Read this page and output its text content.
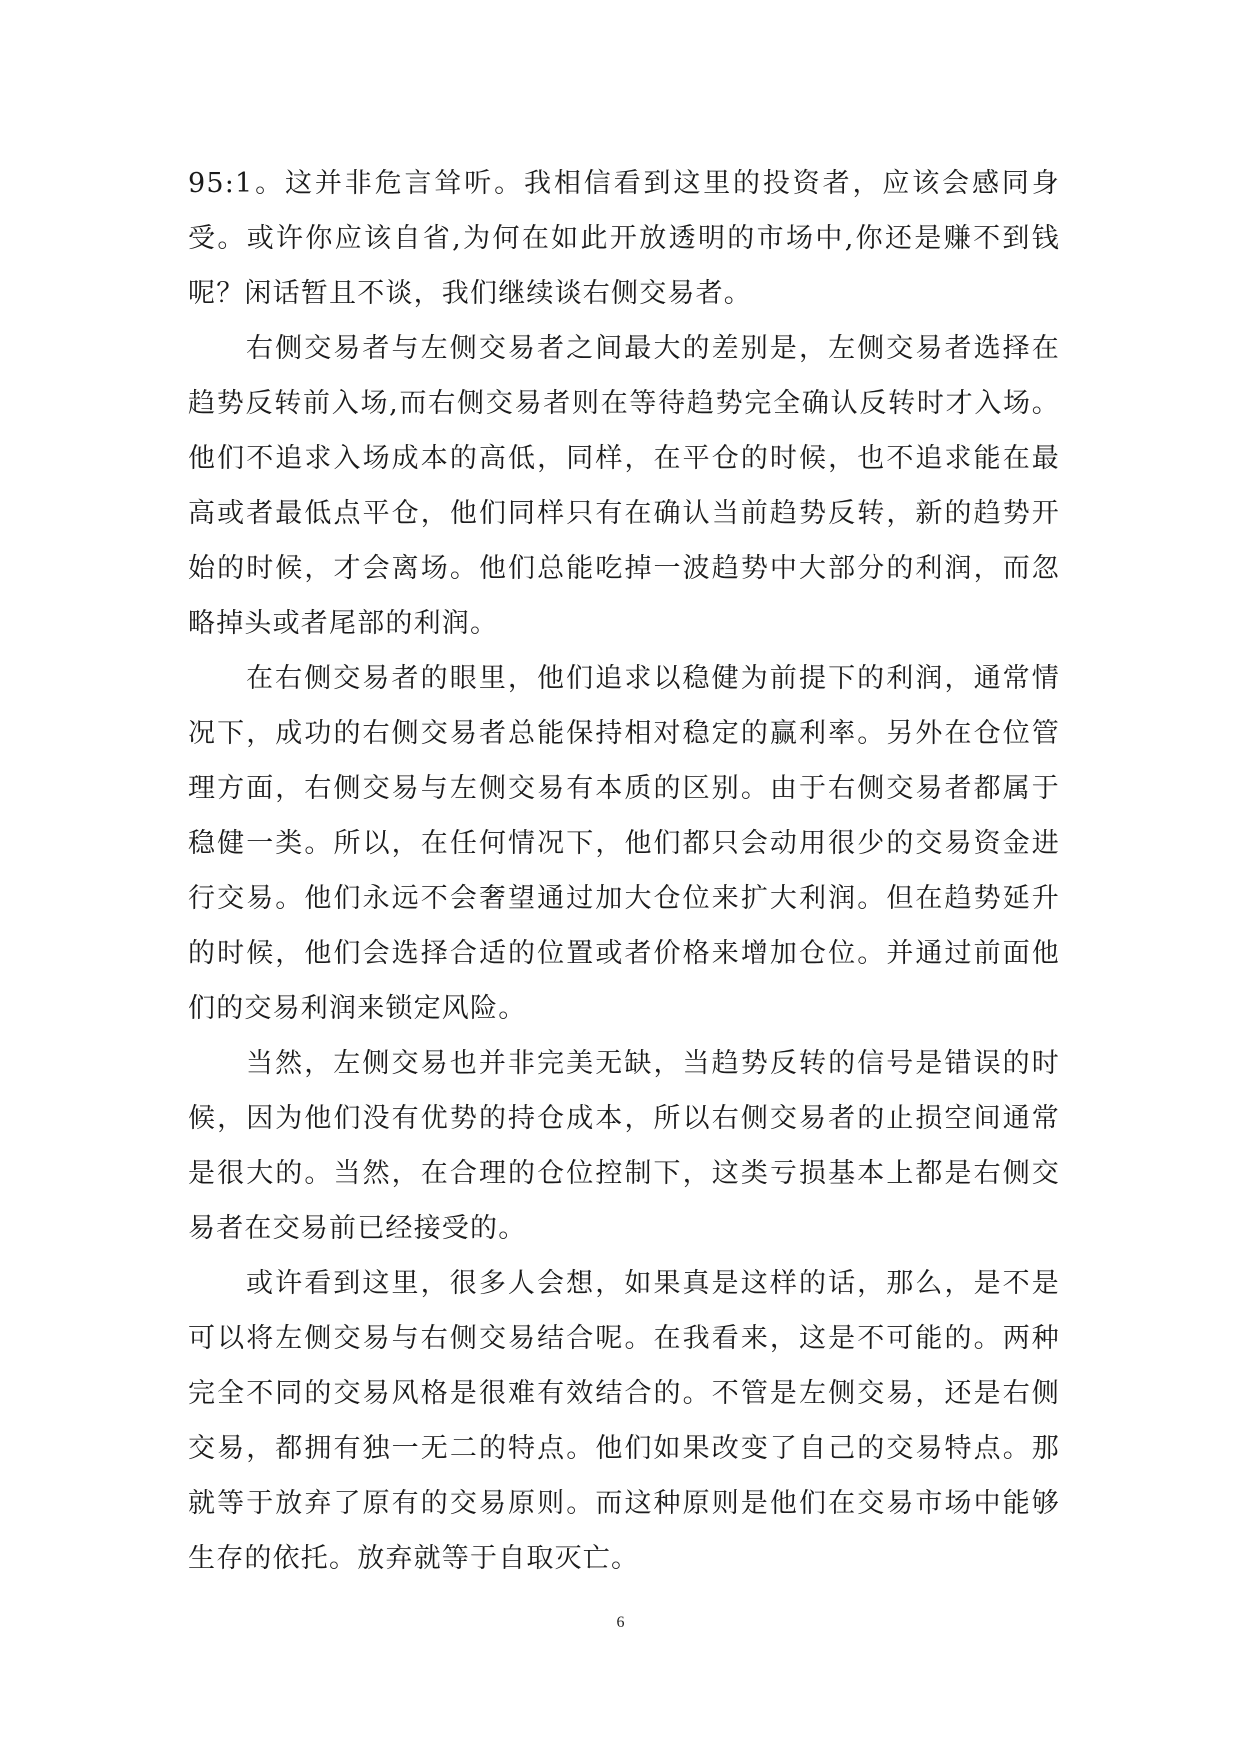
95:1。这并非危言耸听。我相信看到这里的投资者，应该会感同身受。或许你应该自省,为何在如此开放透明的市场中,你还是赚不到钱呢？闲话暂且不谈，我们继续谈右侧交易者。

右侧交易者与左侧交易者之间最大的差别是，左侧交易者选择在趋势反转前入场,而右侧交易者则在等待趋势完全确认反转时才入场。他们不追求入场成本的高低，同样，在平仓的时候，也不追求能在最高或者最低点平仓，他们同样只有在确认当前趋势反转，新的趋势开始的时候，才会离场。他们总能吃掉一波趋势中大部分的利润，而忽略掉头或者尾部的利润。

在右侧交易者的眼里，他们追求以稳健为前提下的利润，通常情况下，成功的右侧交易者总能保持相对稳定的赢利率。另外在仓位管理方面，右侧交易与左侧交易有本质的区别。由于右侧交易者都属于稳健一类。所以，在任何情况下，他们都只会动用很少的交易资金进行交易。他们永远不会奢望通过加大仓位来扩大利润。但在趋势延升的时候，他们会选择合适的位置或者价格来增加仓位。并通过前面他们的交易利润来锁定风险。

当然，左侧交易也并非完美无缺，当趋势反转的信号是错误的时候，因为他们没有优势的持仓成本，所以右侧交易者的止损空间通常是很大的。当然，在合理的仓位控制下，这类亏损基本上都是右侧交易者在交易前已经接受的。

或许看到这里，很多人会想，如果真是这样的话，那么，是不是可以将左侧交易与右侧交易结合呢。在我看来，这是不可能的。两种完全不同的交易风格是很难有效结合的。不管是左侧交易，还是右侧交易，都拥有独一无二的特点。他们如果改变了自己的交易特点。那就等于放弃了原有的交易原则。而这种原则是他们在交易市场中能够生存的依托。放弃就等于自取灭亡。

6
